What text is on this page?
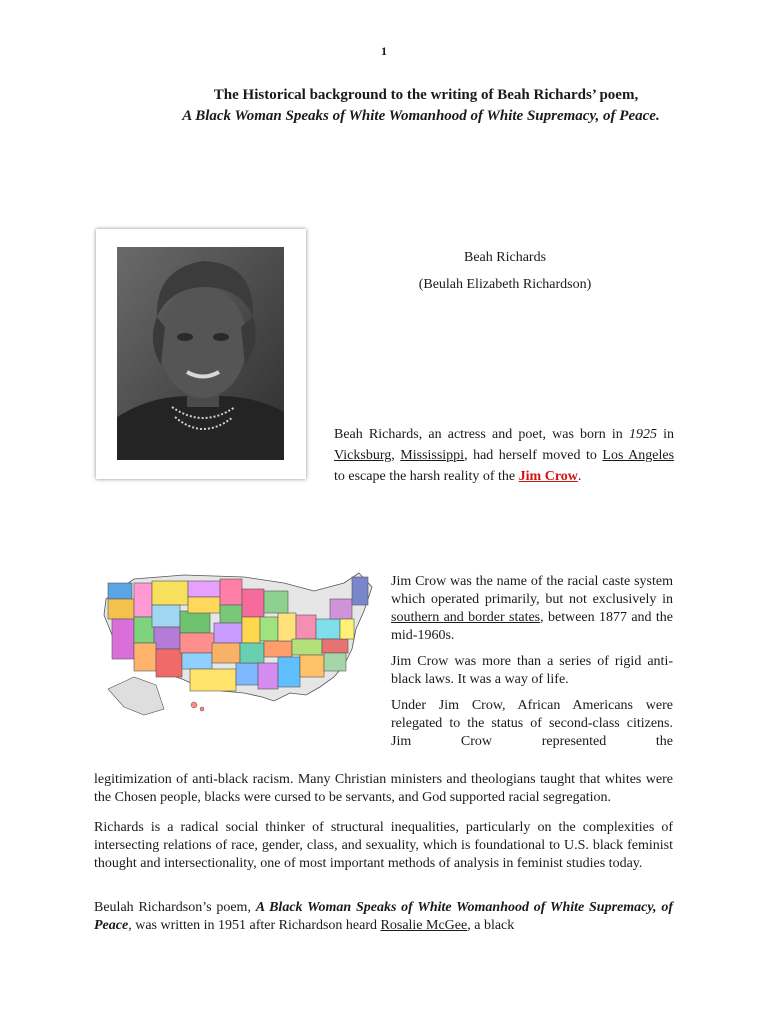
1
The Historical background to the writing of Beah Richards’ poem,
A Black Woman Speaks of White Womanhood of White Supremacy, of Peace.
Beah Richards
(Beulah Elizabeth Richardson)
Beah Richards, an actress and poet, was born in 1925 in Vicksburg, Mississippi, had herself moved to Los Angeles to escape the harsh reality of the Jim Crow.

Jim Crow was the name of the racial caste system which operated primarily, but not exclusively in southern and border states, between 1877 and the mid-1960s.

Jim Crow was more than a series of rigid anti-black laws. It was a way of life.

Under Jim Crow, African Americans were relegated to the status of second-class citizens. Jim Crow represented the

legitimization of anti-black racism. Many Christian ministers and theologians taught that whites were the Chosen people, blacks were cursed to be servants, and God supported racial segregation.

Richards is a radical social thinker of structural inequalities, particularly on the complexities of intersecting relations of race, gender, class, and sexuality, which is foundational to U.S. black feminist thought and intersectionality, one of most important methods of analysis in feminist studies today.

Beulah Richardson’s poem, A Black Woman Speaks of White Womanhood of White Supremacy, of Peace, was written in 1951 after Richardson heard Rosalie McGee, a black
